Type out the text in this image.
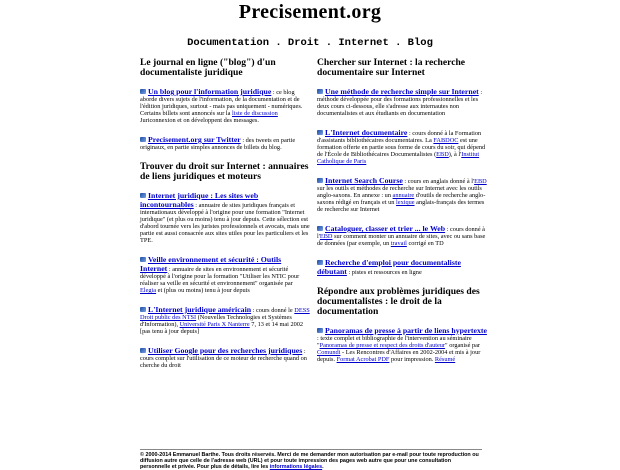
Precisement.org
Documentation . Droit . Internet . Blog
Le journal en ligne ("blog") d'un documentaliste juridique
Un blog pour l'information juridique : ce blog aborde divers sujets de l'information, de la documentation et de l'édition juridiques, surtout - mais pas uniquement - numériques. Certains billets sont annoncés sur la liste de discussion Juriconnexion et on développent des messages.
Precisement.org sur Twitter : des tweets en partie originaux, en partie simples annonces de billets du blog.
Trouver du droit sur Internet : annuaires de liens juridiques et moteurs
Internet juridique : Les sites web incontournables : annuaire de sites juridiques français et internationaux développé à l'origine pour une formation "Internet juridique" (et plus ou moins) tenu à jour depuis. Cette sélection est d'abord tournée vers les juristes professionnels et avocats, mais une partie est aussi consacrée aux sites utiles pour les particuliers et les TPE.
Veille environnement et sécurité : Outils Internet : annuaire de sites en environnement et sécurité développé à l'origine pour la formation "Utiliser les NTIC pour réaliser sa veille en sécurité et environnement" organisée par Elegia et (plus ou moins) tenu à jour depuis
L'Internet juridique américain : cours donné le DESS Droit public des NTSI (Nouvelles Technologies et Systèmes d'Information), Université Paris X Nanterre 7, 13 et 14 mai 2002 [pas tenu à jour depuis]
Utiliser Google pour des recherches juridiques : cours complet sur l'utilisation de ce moteur de recherche quand on cherche du droit
Chercher sur Internet : la recherche documentaire sur Internet
Une méthode de recherche simple sur Internet : méthode développée pour des formations professionnelles et les deux cours ci-dessous, elle s'adresse aux internautes non documentalistes et aux étudiants en documentation
L'Internet documentaire : cours donné à la Formation d'assistants bibliothécaires documentaires. La FABDOC est une formation offerte en partie sous forme de cours du soir, qui dépend de l'École de Bibliothécaires Documentalistes (EBD), à l'Institut Catholique de Paris
Internet Search Course : cours en anglais donné à l'EBD sur les outils et méthodes de recherche sur Internet avec les outils anglo-saxons. En annexe : un annuaire d'outils de recherche anglo-saxons rédigé en français et un lexique anglais-français des termes de recherche sur Internet
Cataloguer, classer et trier ... le Web : cours donné à l'EBD sur comment monter un annuaire de sites, avec ou sans base de données (par exemple, un travail corrigé en TD
Recherche d'emploi pour documentaliste débutant : pistes et ressources en ligne
Répondre aux problèmes juridiques des documentalistes : le droit de la documentation
Panoramas de presse à partir de liens hypertexte : texte complet et bibliographie de l'intervention au séminaire "Panoramas de presse et respect des droits d'auteur" organisé par Comundi - Les Rencontres d'Affaires en 2002-2004 et mis à jour depuis. Format Acrobat PDF pour impression. Résumé
© 2000-2014 Emmanuel Barthe. Tous droits réservés. Merci de me demander mon autorisation par e-mail pour toute reproduction ou diffusion autre que celle de l'adresse web (URL) et pour toute impression des pages web autre que pour une consultation personnelle et privée. Pour plus de détails, lire les informations légales.
